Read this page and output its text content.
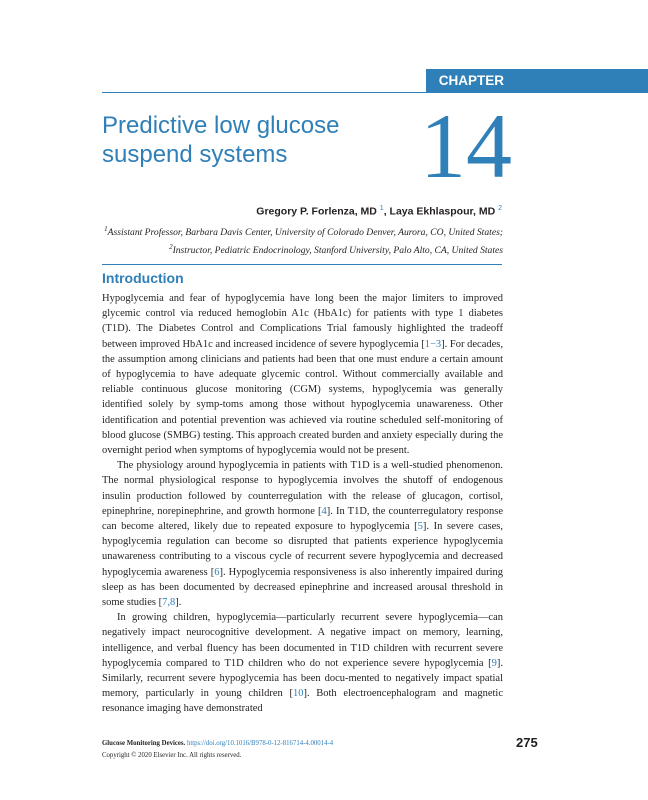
CHAPTER
Predictive low glucose suspend systems	14
Gregory P. Forlenza, MD $^1$, Laya Ekhlaspour, MD $^2$
$^1$Assistant Professor, Barbara Davis Center, University of Colorado Denver, Aurora, CO, United States; $^2$Instructor, Pediatric Endocrinology, Stanford University, Palo Alto, CA, United States
Introduction

Hypoglycemia and fear of hypoglycemia have long been the major limiters to improved glycemic control via reduced hemoglobin A1c (HbA1c) for patients with type 1 diabetes (T1D). The Diabetes Control and Complications Trial famously highlighted the tradeoff between improved HbA1c and increased incidence of severe hypoglycemia [1−3]. For decades, the assumption among clinicians and patients had been that one must endure a certain amount of hypoglycemia to have adequate glycemic control. Without commercially available and reliable continuous glucose monitoring (CGM) systems, hypoglycemia was generally identified solely by symp-toms among those without hypoglycemia unawareness. Other identification and potential prevention was achieved via routine scheduled self-monitoring of blood glucose (SMBG) testing. This approach created burden and anxiety especially during the overnight period when symptoms of hypoglycemia would not be present.

The physiology around hypoglycemia in patients with T1D is a well-studied phenomenon. The normal physiological response to hypoglycemia involves the shutoff of endogenous insulin production followed by counterregulation with the release of glucagon, cortisol, epinephrine, norepinephrine, and growth hormone [4]. In T1D, the counterregulatory response can become altered, likely due to repeated exposure to hypoglycemia [5]. In severe cases, hypoglycemia regulation can become so disrupted that patients experience hypoglycemia unawareness contributing to a viscous cycle of recurrent severe hypoglycemia and decreased hypoglycemia awareness [6]. Hypoglycemia responsiveness is also inherently impaired during sleep as has been documented by decreased epinephrine and increased arousal threshold in some studies [7,8].

In growing children, hypoglycemia—particularly recurrent severe hypoglycemia—can negatively impact neurocognitive development. A negative impact on memory, learning, intelligence, and verbal fluency has been documented in T1D children with recurrent severe hypoglycemia compared to T1D children who do not experience severe hypoglycemia [9]. Similarly, recurrent severe hypoglycemia has been docu-mented to negatively impact spatial memory, particularly in young children [10]. Both electroencephalogram and magnetic resonance imaging have demonstrated

Glucose Monitoring Devices. https://doi.org/10.1016/B978-0-12-816714-4.00014-4
Copyright © 2020 Elsevier Inc. All rights reserved.
275
